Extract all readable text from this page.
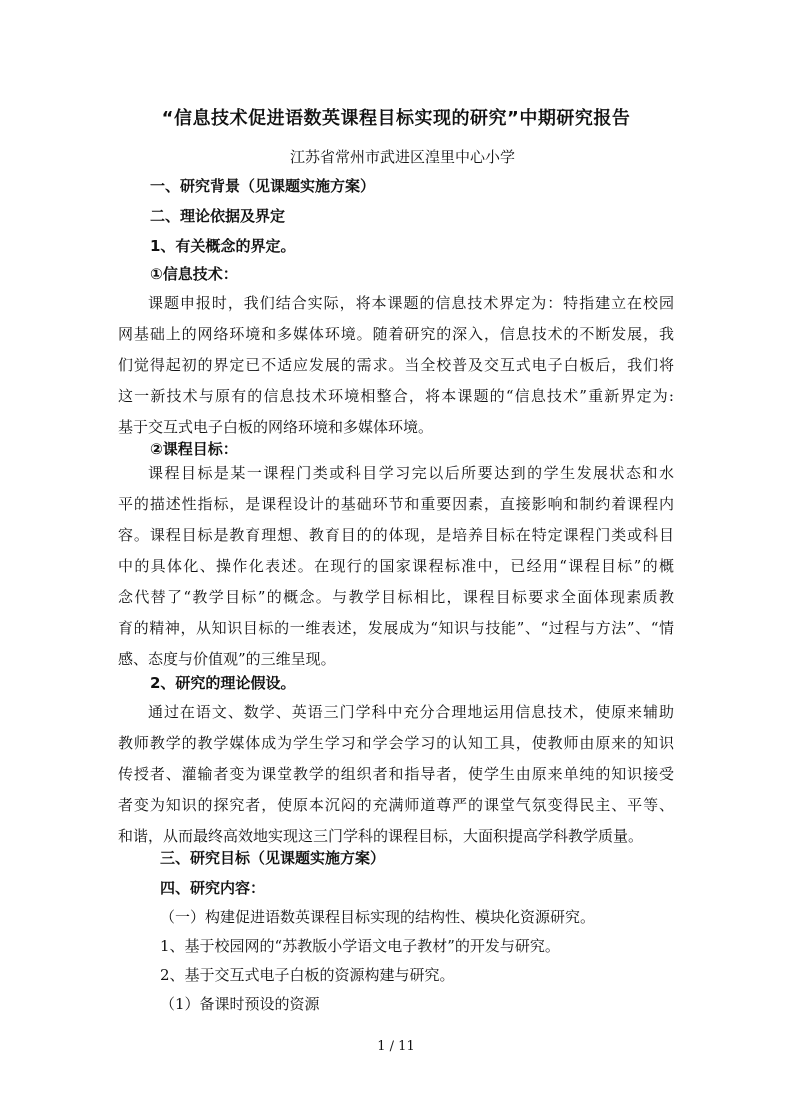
“信息技术促进语数英课程目标实现的研究”中期研究报告
江苏省常州市武进区湟里中心小学
一、研究背景（见课题实施方案）
二、理论依据及界定
1、有关概念的界定。
①信息技术：
课题申报时，我们结合实际，将本课题的信息技术界定为：特指建立在校园
网基础上的网络环境和多媒体环境。随着研究的深入，信息技术的不断发展，我
们觉得起初的界定已不适应发展的需求。当全校普及交互式电子白板后，我们将
这一新技术与原有的信息技术环境相整合，将本课题的“信息技术”重新界定为:
基于交互式电子白板的网络环境和多媒体环境。
②课程目标：
课程目标是某一课程门类或科目学习完以后所要达到的学生发展状态和水
平的描述性指标，是课程设计的基础环节和重要因素，直接影响和制约着课程内
容。课程目标是教育理想、教育目的的体现，是培养目标在特定课程门类或科目
中的具体化、操作化表述。在现行的国家课程标准中，已经用“课程目标”的概
念代替了“教学目标”的概念。与教学目标相比，课程目标要求全面体现素质教
育的精神，从知识目标的一维表述，发展成为“知识与技能”、“过程与方法”、“情
感、态度与价值观”的三维呈现。
2、研究的理论假设。
通过在语文、数学、英语三门学科中充分合理地运用信息技术，使原来辅助
教师教学的教学媒体成为学生学习和学会学习的认知工具，使教师由原来的知识
传授者、灌输者变为课堂教学的组织者和指导者，使学生由原来单纯的知识接受
者变为知识的探究者，使原本沉闷的充满师道尊严的课堂气氛变得民主、平等、
和谐，从而最终高效地实现这三门学科的课程目标，大面积提高学科教学质量。
三、研究目标（见课题实施方案）
四、研究内容：
（一）构建促进语数英课程目标实现的结构性、模块化资源研究。
1、基于校园网的“苏教版小学语文电子教材”的开发与研究。
2、基于交互式电子白板的资源构建与研究。
（1）备课时预设的资源
1 / 11
